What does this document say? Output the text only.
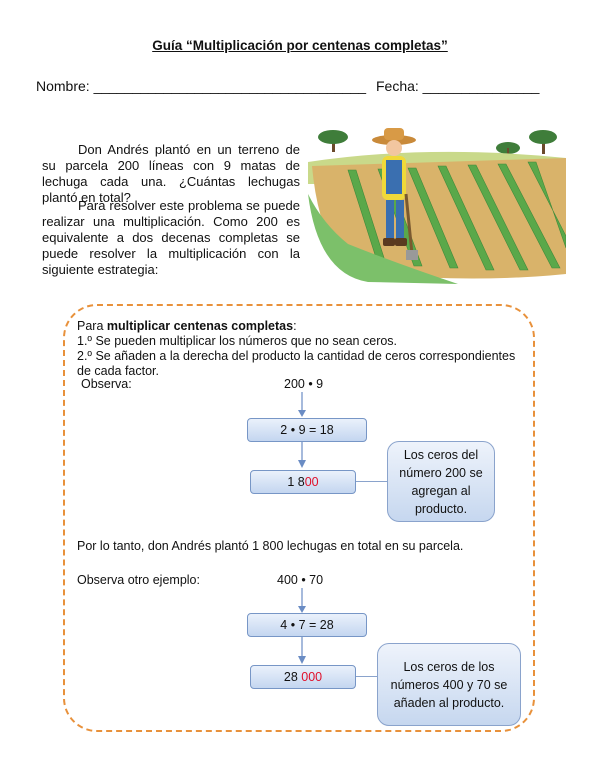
Guía “Multiplicación por centenas completas”
Nombre: ___________________________________ Fecha: _______________
Don Andrés plantó en un terreno de su parcela 200 líneas con 9 matas de lechuga cada una. ¿Cuántas lechugas plantó en total?
Para resolver este problema se puede realizar una multiplicación. Como 200 es equivalente a dos decenas completas se puede resolver la multiplicación con la siguiente estrategia:
Para multiplicar centenas completas:
1.º Se pueden multiplicar los números que no sean ceros.
2.º Se añaden a la derecha del producto la cantidad de ceros correspondientes de cada factor.
Observa:	200 • 9
2 • 9 = 18
1 800
Los ceros del número 200 se agregan al producto.
Por lo tanto, don Andrés plantó 1 800 lechugas en total en su parcela.
Observa otro ejemplo:	400 • 70
4 • 7 = 28
28 000
Los ceros de los números 400 y 70 se añaden al producto.
